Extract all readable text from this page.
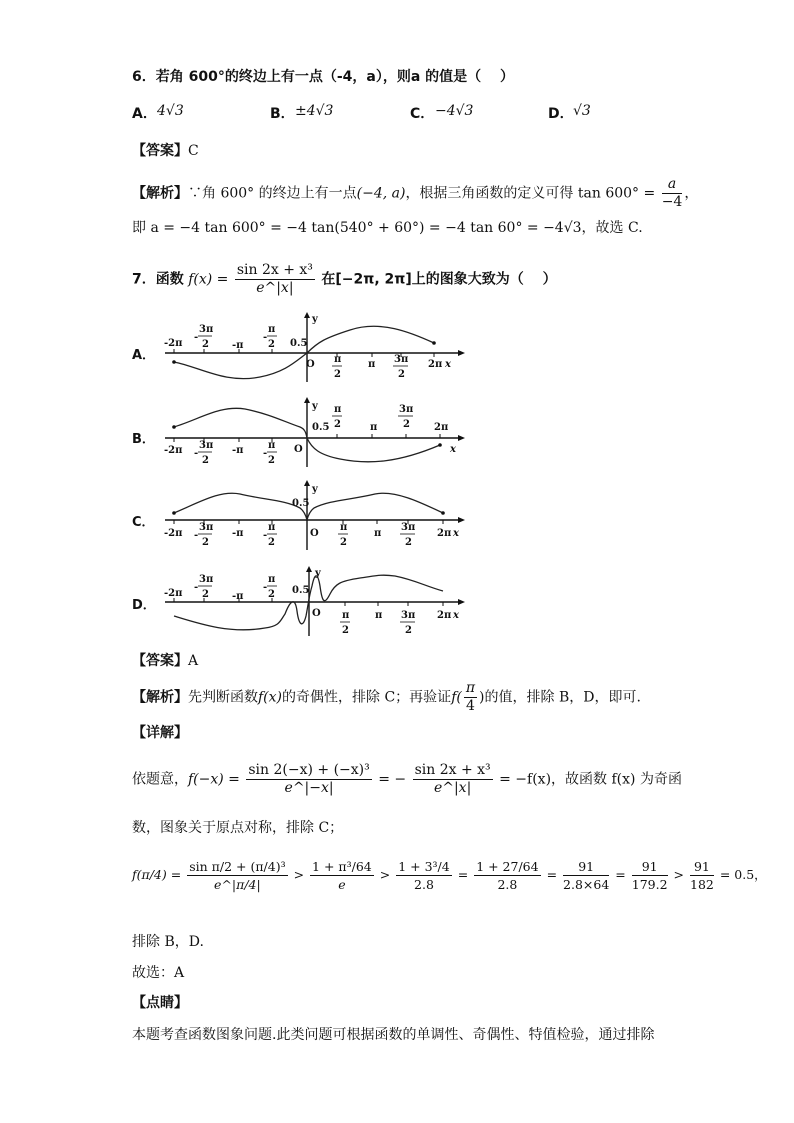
6．若角 600°的终边上有一点（-4，a），则a 的值是（　 ）
A． 4√3	B． ±4√3	C． −4√3	D． √3
【答案】C
【解析】∵角 600° 的终边上有一点(−4, a)，根据三角函数的定义可得 $\tan 600^\circ = \frac{a}{-4}$ ，
即 a = −4 tan 600° = −4 tan(540° + 60°) = −4 tan 60° = −4√3，故选 C.
7．函数 $f(x) = \frac{\text{sin 2x + x³}}{e\^{}|x|}$ 在[−2π, 2π]上的图象大致为（　 ）
A．
-2π
3π
-
2 -π
π
-
2 0.5
y
O π
2
π 3π
2
2π x
B．
-2π 3π
-
2
-π π
-
2
0.5
y
O
π
2	π
3π
2 2π
x
C．
-2π
3π
-
2
-π
π
-
2
0.5
y
O
π
2
π
3π
2
2π x
D．
-2π
3π
-
2 -π
π
-
2 0.5
y
O π
2
π 3π
2
2π x
【答案】A
【解析】先判断函数f(x)的奇偶性，排除 C；再验证$f( \frac{\pi}{4}$ )的值，排除 B，D，即可.
【详解】
依题意，$f(-x) = \frac{\text{sin 2(−x) + (−x)³}}{e\^{}|-x|}$ = − $\frac{\text{sin 2x + x³}}{e\^{}|x|} = -f(x)$，故函数 f(x) 为奇函
数，图象关于原点对称，排除 C；
$f(\pi/4) = \frac{\text{sin π/2 + (π/4)³}}{e\^{}|\pi/4|} > \frac{\text{1 + π³/64}}{e} > \frac{\text{1 + 3³/4}}{2.8} = \frac{1 + 27/64}{2.8} = \frac{91}{2.8\times 64} = \frac{91}{179.2} > \frac{91}{182} = 0.5$，
排除 B，D.
故选：A
【点睛】
本题考查函数图象问题.此类问题可根据函数的单调性、奇偶性、特值检验，通过排除
